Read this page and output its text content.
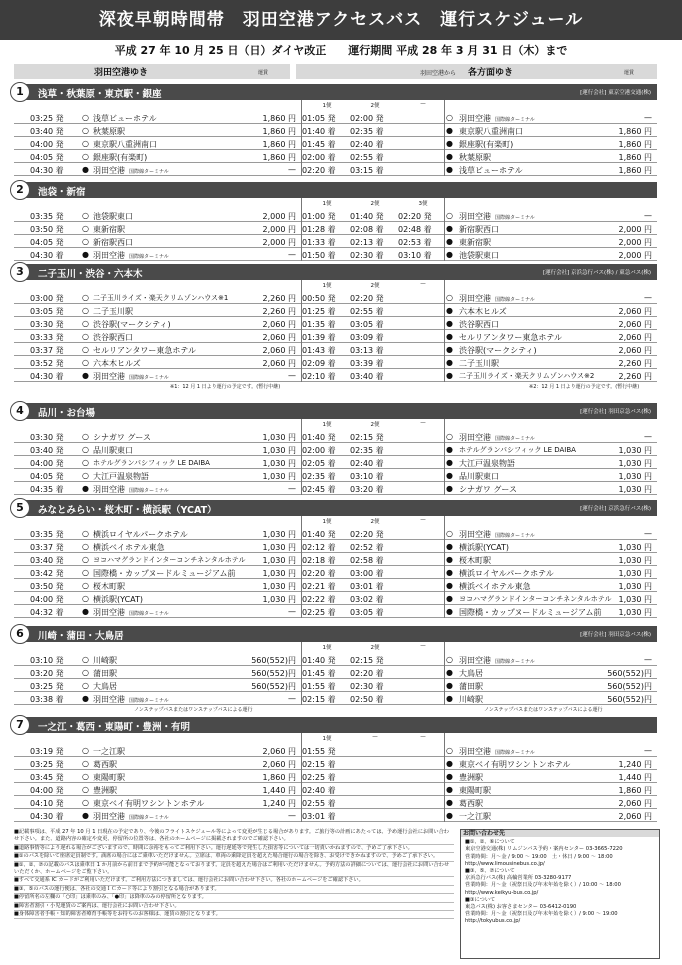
深夜早朝時間帯　羽田空港アクセスバス　運行スケジュール
平成 27 年 10 月 25 日（日）ダイヤ改正　　運行期間 平成 28 年 3 月 31 日（木）まで
羽田空港ゆき	運賃	羽田空港から 各方面ゆき	運賃
1	浅草・秋葉原・東京駅・銀座	[運行会社] 東京空港交通(株)
1便	2便	—
03:25 発 ○ 浅草ビューホテル	1,860 円 01:05 発 02:00 発	○ 羽田空港 国際線ターミナル	—
03:40 発 ○ 秋葉原駅	1,860 円 01:40 着 02:35 着	● 東京駅八重洲南口	1,860 円
04:00 発 ○ 東京駅八重洲南口	1,860 円 01:45 着 02:40 着	● 銀座駅(有楽町)	1,860 円
04:05 発 ○ 銀座駅(有楽町)	1,860 円 02:00 着 02:55 着	● 秋葉原駅	1,860 円
04:30 着 ● 羽田空港 国際線ターミナル	— 02:20 着 03:15 着	● 浅草ビューホテル	1,860 円
2	池袋・新宿
1便	2便	3便
03:35 発 ○ 池袋駅東口	2,000 円 01:00 発 01:40 発 02:20 発 ○ 羽田空港 国際線ターミナル	—
03:50 発 ○ 東新宿駅	2,000 円 01:28 着 02:08 着 02:48 着 ● 新宿駅西口	2,000 円
04:05 発 ○ 新宿駅西口	2,000 円 01:33 着 02:13 着 02:53 着 ● 東新宿駅	2,000 円
04:30 着 ● 羽田空港 国際線ターミナル	— 01:50 着 02:30 着 03:10 着 ● 池袋駅東口	2,000 円
3	二子玉川・渋谷・六本木	[運行会社] 京浜急行バス(株) / 東急バス(株)
1便	2便	—
03:00 発 ○ 二子玉川ライズ・楽天クリムゾンハウス※1	2,260 円 00:50 発 02:20 発	○ 羽田空港 国際線ターミナル	—
03:05 発 ○ 二子玉川駅	2,260 円 01:25 着 02:55 着	● 六本木ヒルズ	2,060 円
03:30 発 ○ 渋谷駅(マークシティ)	2,060 円 01:35 着 03:05 着	● 渋谷駅西口	2,060 円
03:33 発 ○ 渋谷駅西口	2,060 円 01:39 着 03:09 着	● セルリアンタワー東急ホテル	2,060 円
03:37 発 ○ セルリアンタワー東急ホテル	2,060 円 01:43 着 03:13 着	● 渋谷駅(マークシティ)	2,060 円
03:52 発 ○ 六本木ヒルズ	2,060 円 02:09 着 03:39 着	● 二子玉川駅	2,260 円
04:30 着 ● 羽田空港 国際線ターミナル	— 02:10 着 03:40 着	● 二子玉川ライズ・楽天クリムゾンハウス※2	2,260 円
※1：12 月 1 日より運行の予定です。(暫行中継)	※2：12 月 1 日より運行の予定です。(暫行中継)
4	品川・お台場	[運行会社] 羽田京急バス(株)
1便	2便	—
03:30 発 ○ シナガワ グース	1,030 円 01:40 発 02:15 発	○ 羽田空港 国際線ターミナル	—
03:40 発 ○ 品川駅東口	1,030 円 02:00 着 02:35 着	● ホテルグランパシフィック LE DAIBA	1,030 円
04:00 発 ○ ホテルグランパシフィック LE DAIBA	1,030 円 02:05 着 02:40 着	● 大江戸温泉物語	1,030 円
04:05 発 ○ 大江戸温泉物語	1,030 円 02:35 着 03:10 着	● 品川駅東口	1,030 円
04:35 着 ● 羽田空港 国際線ターミナル	— 02:45 着 03:20 着	● シナガワ グース	1,030 円
5	みなとみらい・桜木町・横浜駅（YCAT）	[運行会社] 京浜急行バス(株)
1便	2便	—
03:35 発 ○ 横浜ロイヤルパークホテル	1,030 円 01:40 発 02:20 発	○ 羽田空港 国際線ターミナル	—
03:37 発 ○ 横浜ベイホテル東急	1,030 円 02:12 着 02:52 着	● 横浜駅(YCAT)	1,030 円
03:40 発 ○ ヨコハマグランドインターコンチネンタルホテル	1,030 円 02:18 着 02:58 着	● 桜木町駅	1,030 円
03:42 発 ○ 国際橋・カップヌードルミュージアム前	1,030 円 02:20 着 03:00 着	● 横浜ロイヤルパークホテル	1,030 円
03:50 発 ○ 桜木町駅	1,030 円 02:21 着 03:01 着	● 横浜ベイホテル東急	1,030 円
04:00 発 ○ 横浜駅(YCAT)	1,030 円 02:22 着 03:02 着	● ヨコハマグランドインターコンチネンタルホテル 1,030 円
04:32 着 ● 羽田空港 国際線ターミナル	— 02:25 着 03:05 着	● 国際橋・カップヌードルミュージアム前	1,030 円
6	川崎・蒲田・大鳥居	[運行会社] 羽田京急バス(株)
1便	2便	—
03:10 発 ○ 川崎駅	560(552)円 01:40 発 02:15 発	○ 羽田空港 国際線ターミナル	—
03:20 発 ○ 蒲田駅	560(552)円 01:45 着 02:20 着	● 大鳥居	560(552)円
03:25 発 ○ 大鳥居	560(552)円 01:55 着 02:30 着	● 蒲田駅	560(552)円
03:38 着 ● 羽田空港 国際線ターミナル	— 02:15 着 02:50 着	● 川崎駅	560(552)円
ノンステップバスまたはワンステップバスによる運行	ノンステップバスまたはワンステップバスによる運行
7	一之江・葛西・東陽町・豊洲・有明
1便	—	—
03:19 発 ○ 一之江駅	2,060 円 01:55 発	○ 羽田空港 国際線ターミナル	—
03:25 発 ○ 葛西駅	2,060 円 02:15 着	● 東京ベイ有明ワシントンホテル	1,240 円
03:45 発 ○ 東陽町駅	1,860 円 02:25 着	● 豊洲駅	1,440 円
04:00 発 ○ 豊洲駅	1,440 円 02:40 着	● 東陽町駅	1,860 円
04:10 発 ○ 東京ベイ有明ワシントンホテル	1,240 円 02:55 着	● 葛西駅	2,060 円
04:30 着 ● 羽田空港 国際線ターミナル	— 03:01 着	● 一之江駅	2,060 円

■記載事項は、平成 27 年 10 月 1 日現在の予定であり、今後のフライトスケジュール等によって変更が生じる場合があります。ご旅行等の計画にあたっては、予め運行会社にお問い合わせ下さい。また、道路内容の確定や変更、停留所の位置等は、各社のホームページに掲載されますのでご確認下さい。

■道路事情等により遅れる場合がございますので、時間に余裕をもってご利用下さい。運行遅延等で発生した損害等については一切責いかねますので、予めご了承下さい。

■①のバスを除いて座席定員制です。満席の場合にはご乗車いただけません。立席は、車両の乗降定員を超えた場合運行の場合を除き、お受けできかねますので、予めご了承下さい。

■①、②、⑦の記載のバスは乗車日 1 か月前から前日まで予約が可能となっております。定員を超えた場合はご利用いただけません。予約方法の詳細については、運行会社にお問い合わせいただくか、ホームページをご覧下さい。

■すべて交通系 IC カードがご利用いただけます。ご利用方法につきましては、運行会社にお問い合わせ下さい。各社のホームページをご確認下さい。

■③、⑤のバスの運行便は、各社の交通ＩＣカード等により割引となる場合があります。

■停留所名の左欄の「○印」は乗車のみ、「●印」は降車のみの停留所となります。

■障害者割引・小児運賃のご案内は、運行会社にお問い合わせ下さい。

■身体障害者手帳・知的障害者療育手帳等をお持ちのお客様は、運賃の割引となります。

お問い合わせ先
■①、②、⑥について
東京空港交通(株) リムジンバス予約・案内センター 03-3665-7220
営業時間：月～金 / 9:00 ～ 19:00　土・休日 / 9:00 ～ 18:00
http://www.limousinebus.co.jp/
■③、⑤、⑦について
京浜急行バス(株) 高輪営業所 03-3280-9177
営業時間：月～金（祝祭日及び年末年始を除く）/ 10:00 ～ 18:00
http://www.keikyu-bus.co.jp/
■③について
東急バス(株) お客さまセンター 03-6412-0190
営業時間：月～金（祝祭日及び年末年始を除く）/ 9:00 ～ 19:00
http://tokyubus.co.jp/
